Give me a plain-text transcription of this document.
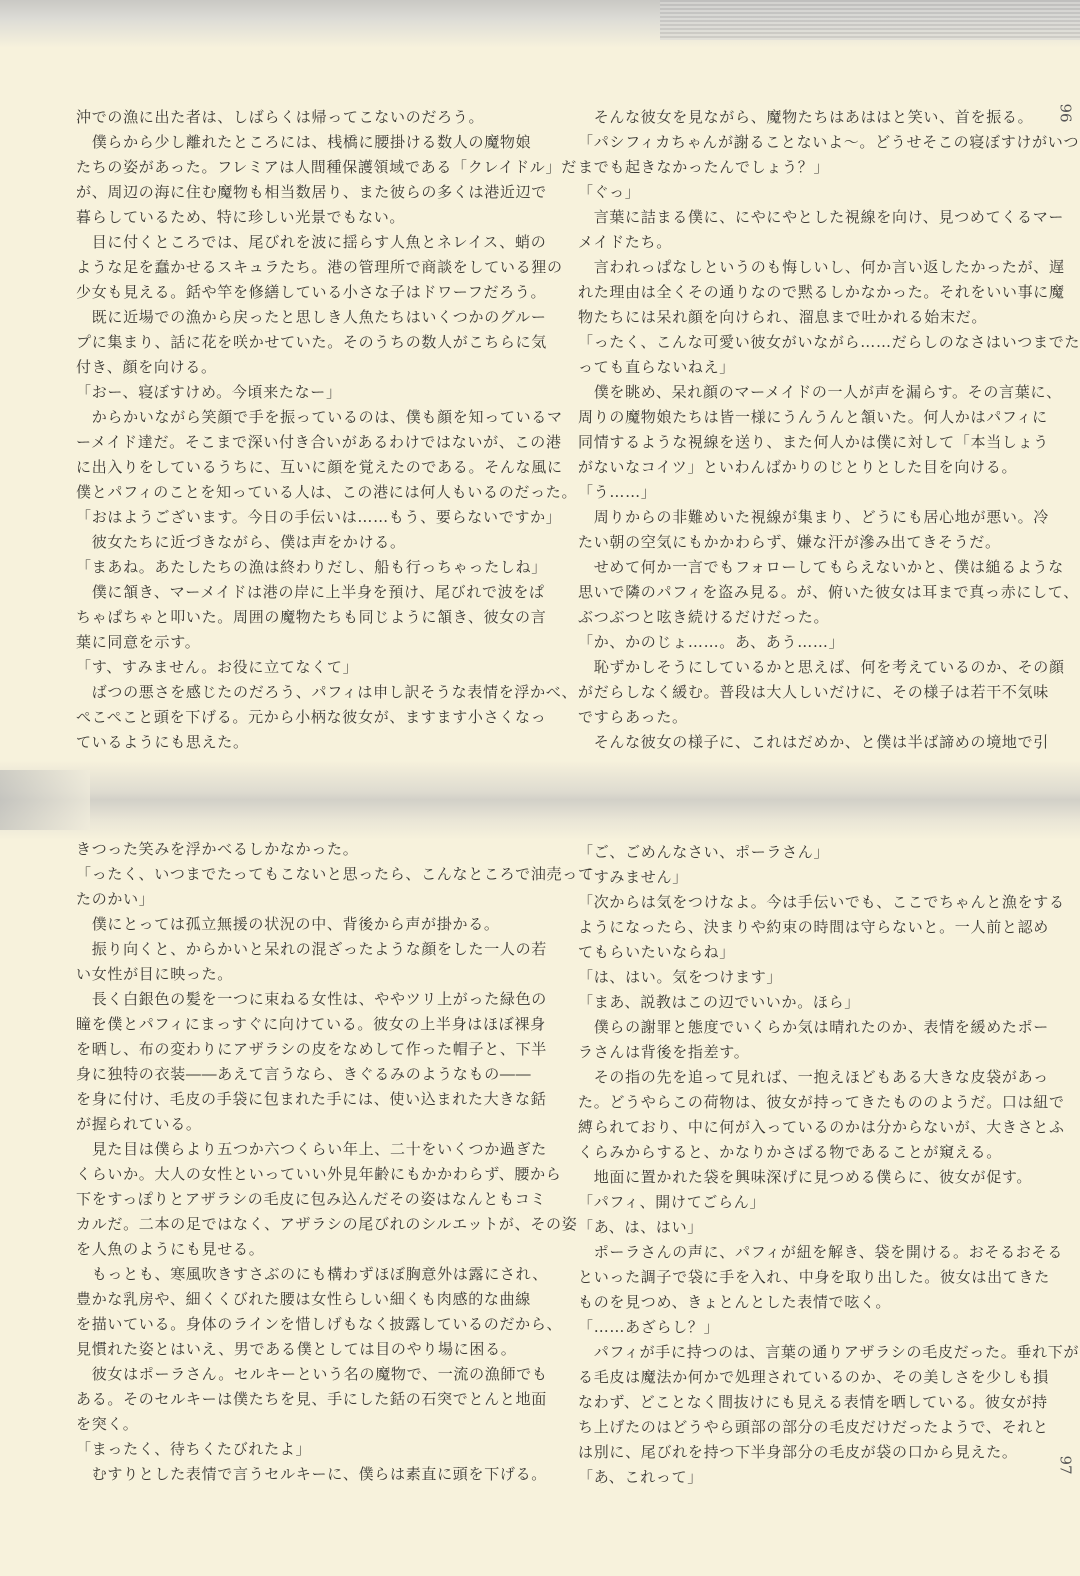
96
97
沖での漁に出た者は、しばらくは帰ってこないのだろう。
　僕らから少し離れたところには、桟橋に腰掛ける数人の魔物娘
たちの姿があった。フレミアは人間種保護領域である「クレイドル」だ
が、周辺の海に住む魔物も相当数居り、また彼らの多くは港近辺で
暮らしているため、特に珍しい光景でもない。
　目に付くところでは、尾びれを波に揺らす人魚とネレイス、蛸の
ような足を蠢かせるスキュラたち。港の管理所で商談をしている狸の
少女も見える。銛や竿を修繕している小さな子はドワーフだろう。
　既に近場での漁から戻ったと思しき人魚たちはいくつかのグルー
プに集まり、話に花を咲かせていた。そのうちの数人がこちらに気
付き、顔を向ける。
「おー、寝ぼすけめ。今頃来たなー」
　からかいながら笑顔で手を振っているのは、僕も顔を知っているマ
ーメイド達だ。そこまで深い付き合いがあるわけではないが、この港
に出入りをしているうちに、互いに顔を覚えたのである。そんな風に
僕とパフィのことを知っている人は、この港には何人もいるのだった。
「おはようございます。今日の手伝いは……もう、要らないですか」
　彼女たちに近づきながら、僕は声をかける。
「まあね。あたしたちの漁は終わりだし、船も行っちゃったしね」
　僕に頷き、マーメイドは港の岸に上半身を預け、尾びれで波をぱ
ちゃぱちゃと叩いた。周囲の魔物たちも同じように頷き、彼女の言
葉に同意を示す。
「す、すみません。お役に立てなくて」
　ばつの悪さを感じたのだろう、パフィは申し訳そうな表情を浮かべ、
ぺこぺこと頭を下げる。元から小柄な彼女が、ますます小さくなっ
ているようにも思えた。
　そんな彼女を見ながら、魔物たちはあははと笑い、首を振る。
「パシフィカちゃんが謝ることないよ～。どうせそこの寝ぼすけがいつ
までも起きなかったんでしょう？」
「ぐっ」
　言葉に詰まる僕に、にやにやとした視線を向け、見つめてくるマー
メイドたち。
　言われっぱなしというのも悔しいし、何か言い返したかったが、遅
れた理由は全くその通りなので黙るしかなかった。それをいい事に魔
物たちには呆れ顔を向けられ、溜息まで吐かれる始末だ。
「ったく、こんな可愛い彼女がいながら……だらしのなさはいつまでた
っても直らないねえ」
　僕を眺め、呆れ顔のマーメイドの一人が声を漏らす。その言葉に、
周りの魔物娘たちは皆一様にうんうんと頷いた。何人かはパフィに
同情するような視線を送り、また何人かは僕に対して「本当しょう
がないなコイツ」といわんばかりのじとりとした目を向ける。
「う……」
　周りからの非難めいた視線が集まり、どうにも居心地が悪い。冷
たい朝の空気にもかかわらず、嫌な汗が滲み出てきそうだ。
　せめて何か一言でもフォローしてもらえないかと、僕は縋るような
思いで隣のパフィを盗み見る。が、俯いた彼女は耳まで真っ赤にして、
ぶつぶつと呟き続けるだけだった。
「か、かのじょ……。あ、あう……」
　恥ずかしそうにしているかと思えば、何を考えているのか、その顔
がだらしなく緩む。普段は大人しいだけに、その様子は若干不気味
ですらあった。
　そんな彼女の様子に、これはだめか、と僕は半ば諦めの境地で引
きつった笑みを浮かべるしかなかった。
「ったく、いつまでたってもこないと思ったら、こんなところで油売って
たのかい」
　僕にとっては孤立無援の状況の中、背後から声が掛かる。
　振り向くと、からかいと呆れの混ざったような顔をした一人の若
い女性が目に映った。
　長く白銀色の髪を一つに束ねる女性は、ややツリ上がった緑色の
瞳を僕とパフィにまっすぐに向けている。彼女の上半身はほぼ裸身
を晒し、布の変わりにアザラシの皮をなめして作った帽子と、下半
身に独特の衣装――あえて言うなら、きぐるみのようなもの――
を身に付け、毛皮の手袋に包まれた手には、使い込まれた大きな銛
が握られている。
　見た目は僕らより五つか六つくらい年上、二十をいくつか過ぎた
くらいか。大人の女性といっていい外見年齢にもかかわらず、腰から
下をすっぽりとアザラシの毛皮に包み込んだその姿はなんともコミ
カルだ。二本の足ではなく、アザラシの尾びれのシルエットが、その姿
を人魚のようにも見せる。
　もっとも、寒風吹きすさぶのにも構わずほぼ胸意外は露にされ、
豊かな乳房や、細くくびれた腰は女性らしい細くも肉感的な曲線
を描いている。身体のラインを惜しげもなく披露しているのだから、
見慣れた姿とはいえ、男である僕としては目のやり場に困る。
　彼女はポーラさん。セルキーという名の魔物で、一流の漁師でも
ある。そのセルキーは僕たちを見、手にした銛の石突でとんと地面
を突く。
「まったく、待ちくたびれたよ」
　むすりとした表情で言うセルキーに、僕らは素直に頭を下げる。
「ご、ごめんなさい、ポーラさん」
「すみません」
「次からは気をつけなよ。今は手伝いでも、ここでちゃんと漁をする
ようになったら、決まりや約束の時間は守らないと。一人前と認め
てもらいたいならね」
「は、はい。気をつけます」
「まあ、説教はこの辺でいいか。ほら」
　僕らの謝罪と態度でいくらか気は晴れたのか、表情を緩めたポー
ラさんは背後を指差す。
　その指の先を追って見れば、一抱えほどもある大きな皮袋があっ
た。どうやらこの荷物は、彼女が持ってきたもののようだ。口は紐で
縛られており、中に何が入っているのかは分からないが、大きさとふ
くらみからすると、かなりかさばる物であることが窺える。
　地面に置かれた袋を興味深げに見つめる僕らに、彼女が促す。
「パフィ、開けてごらん」
「あ、は、はい」
　ポーラさんの声に、パフィが紐を解き、袋を開ける。おそるおそる
といった調子で袋に手を入れ、中身を取り出した。彼女は出てきた
ものを見つめ、きょとんとした表情で呟く。
「……あざらし？」
　パフィが手に持つのは、言葉の通りアザラシの毛皮だった。垂れ下が
る毛皮は魔法か何かで処理されているのか、その美しさを少しも損
なわず、どことなく間抜けにも見える表情を晒している。彼女が持
ち上げたのはどうやら頭部の部分の毛皮だけだったようで、それと
は別に、尾びれを持つ下半身部分の毛皮が袋の口から見えた。
「あ、これって」
